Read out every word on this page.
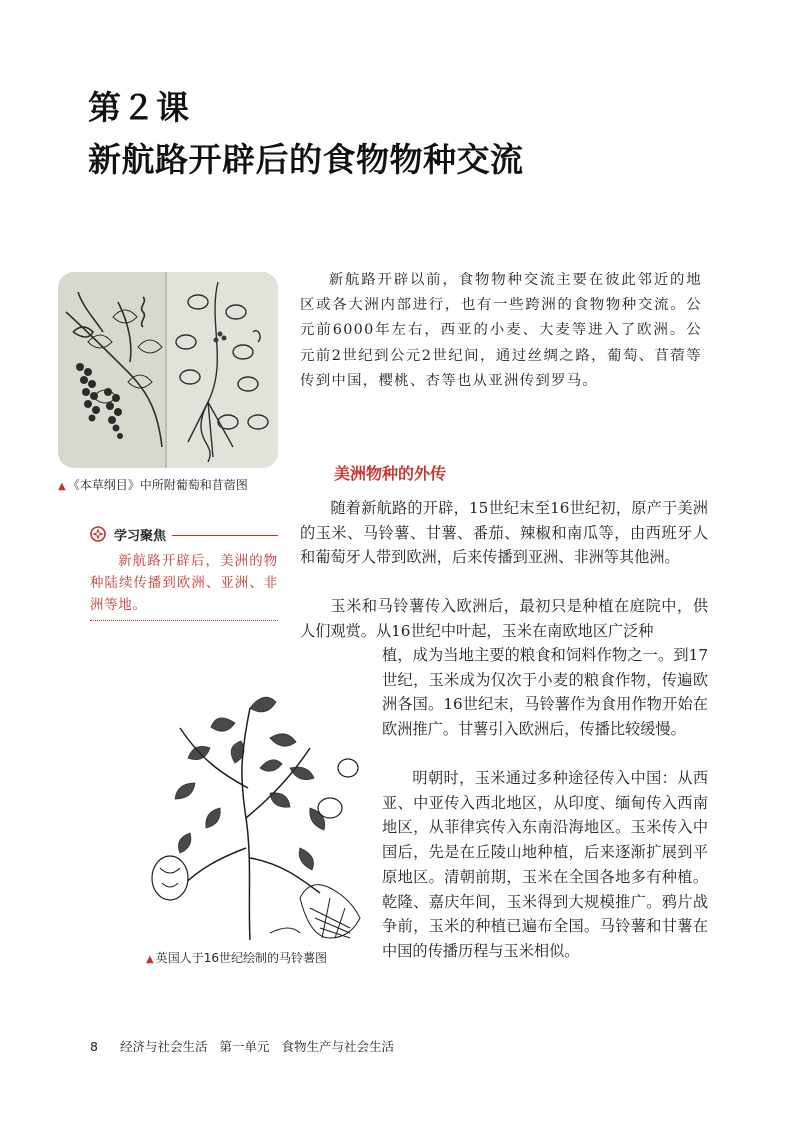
第２课
新航路开辟后的食物物种交流
▲ 《本草纲目》中所附葡萄和苜蓿图
新航路开辟以前，食物物种交流主要在彼此邻近的地区或各大洲内部进行，也有一些跨洲的食物物种交流。公元前6000年左右，西亚的小麦、大麦等进入了欧洲。公元前2世纪到公元2世纪间，通过丝绸之路，葡萄、苜蓿等传到中国，樱桃、杏等也从亚洲传到罗马。
美洲物种的外传
随着新航路的开辟，15世纪末至16世纪初，原产于美洲的玉米、马铃薯、甘薯、番茄、辣椒和南瓜等，由西班牙人和葡萄牙人带到欧洲，后来传播到亚洲、非洲等其他洲。
玉米和马铃薯传入欧洲后，最初只是种植在庭院中，供人们观赏。从16世纪中叶起，玉米在南欧地区广泛种
植，成为当地主要的粮食和饲料作物之一。到17世纪，玉米成为仅次于小麦的粮食作物，传遍欧洲各国。16世纪末，马铃薯作为食用作物开始在欧洲推广。甘薯引入欧洲后，传播比较缓慢。
明朝时，玉米通过多种途径传入中国：从西亚、中亚传入西北地区，从印度、缅甸传入西南地区，从菲律宾传入东南沿海地区。玉米传入中国后，先是在丘陵山地种植，后来逐渐扩展到平原地区。清朝前期，玉米在全国各地多有种植。乾隆、嘉庆年间，玉米得到大规模推广。鸦片战争前，玉米的种植已遍布全国。马铃薯和甘薯在中国的传播历程与玉米相似。
学习聚焦
新航路开辟后，美洲的物种陆续传播到欧洲、亚洲、非洲等地。
▲ 英国人于16世纪绘制的马铃薯图
8 经济与社会生活 第一单元 食物生产与社会生活
